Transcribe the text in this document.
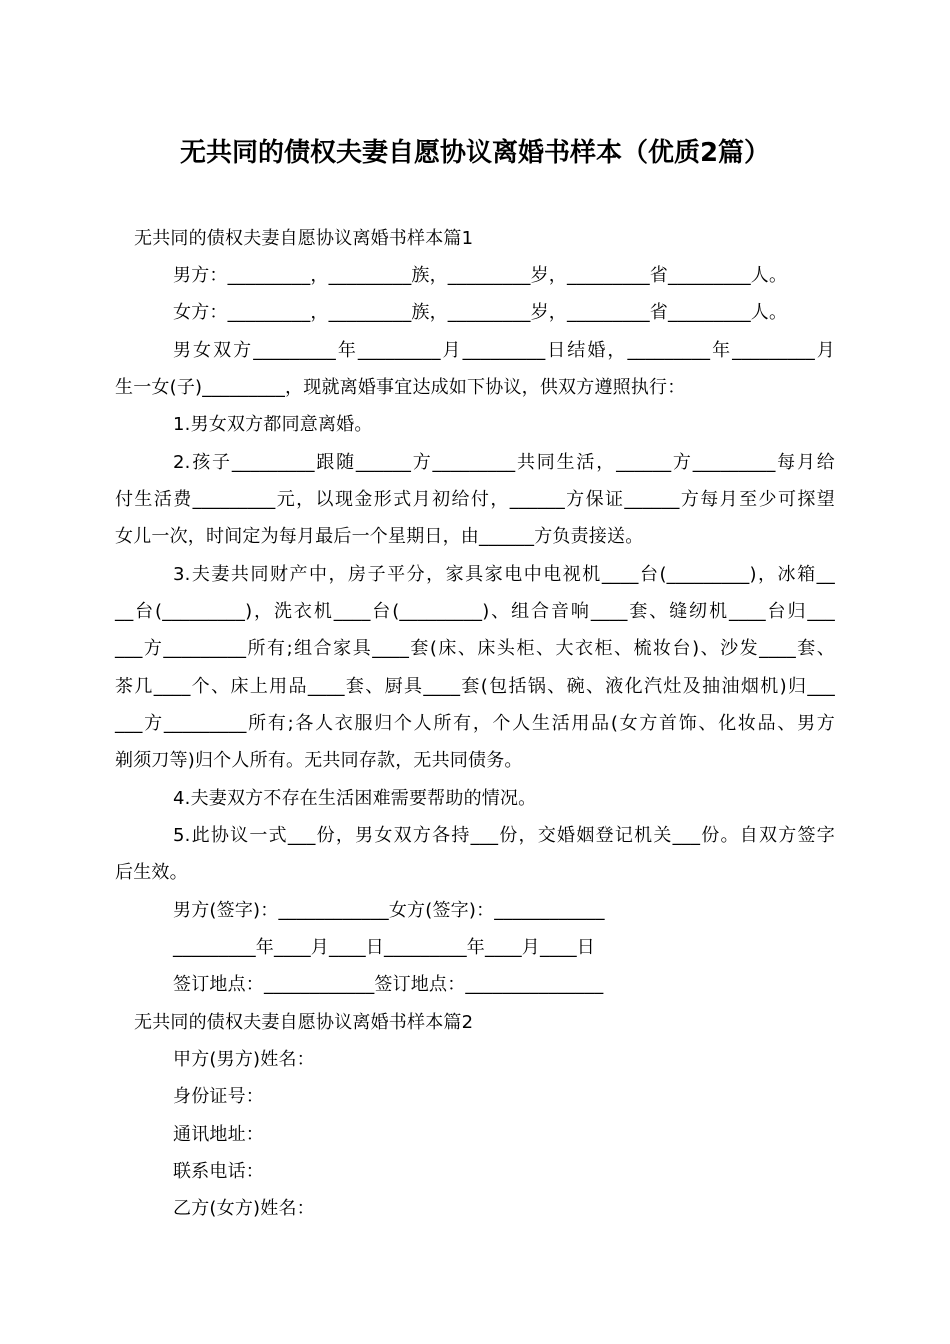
无共同的债权夫妻自愿协议离婚书样本（优质2篇）
无共同的债权夫妻自愿协议离婚书样本篇1
男方：_________，_________族，_________岁，_________省_________人。
女方：_________，_________族，_________岁，_________省_________人。
男女双方_________年_________月_________日结婚，_________年_________月
生一女(子)_________，现就离婚事宜达成如下协议，供双方遵照执行：
1.男女双方都同意离婚。
2.孩子_________跟随______方_________共同生活，______方_________每月给
付生活费_________元，以现金形式月初给付，______方保证______方每月至少可探望
女儿一次，时间定为每月最后一个星期日，由______方负责接送。
3.夫妻共同财产中，房子平分，家具家电中电视机____台(_________)，冰箱__
__台(_________)，洗衣机____台(_________)、组合音响____套、缝纫机____台归___
___方_________所有;组合家具____套(床、床头柜、大衣柜、梳妆台)、沙发____套、
茶几____个、床上用品____套、厨具____套(包括锅、碗、液化汽灶及抽油烟机)归___
___方_________所有;各人衣服归个人所有，个人生活用品(女方首饰、化妆品、男方
剃须刀等)归个人所有。无共同存款，无共同债务。
4.夫妻双方不存在生活困难需要帮助的情况。
5.此协议一式___份，男女双方各持___份，交婚姻登记机关___份。自双方签字
后生效。
男方(签字)：____________女方(签字)：____________
_________年____月____日_________年____月____日
签订地点：____________签订地点：_______________
无共同的债权夫妻自愿协议离婚书样本篇2
甲方(男方)姓名：
身份证号：
通讯地址：
联系电话：
乙方(女方)姓名：
